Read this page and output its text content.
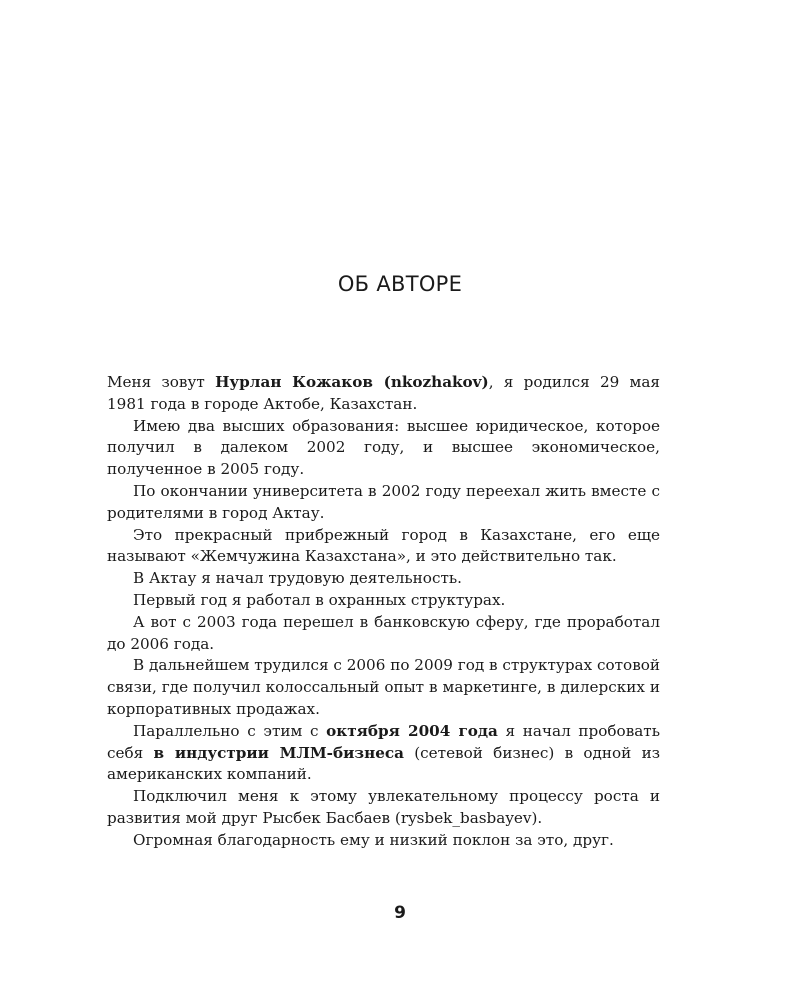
ОБ АВТОРЕ

Меня зовут Нурлан Кожаков (nkozhakov), я родился 29 мая 1981 года в городе Актобе, Казахстан.

Имею два высших образования: высшее юридическое, которое получил в далеком 2002 году, и высшее экономическое, полученное в 2005 году.

По окончании университета в 2002 году переехал жить вместе с родителями в город Актау.

Это прекрасный прибрежный город в Казахстане, его еще называют «Жемчужина Казахстана», и это действительно так.

В Актау я начал трудовую деятельность.

Первый год я работал в охранных структурах.

А вот с 2003 года перешел в банковскую сферу, где проработал до 2006 года.

В дальнейшем трудился с 2006 по 2009 год в структурах сотовой связи, где получил колоссальный опыт в маркетинге, в дилерских и корпоративных продажах.

Параллельно с этим с октября 2004 года я начал пробовать себя в индустрии МЛМ-бизнеса (сетевой бизнес) в одной из американских компаний.

Подключил меня к этому увлекательному процессу роста и развития мой друг Рысбек Басбаев (rysbek_basbayev).

Огромная благодарность ему и низкий поклон за это, друг.

9
